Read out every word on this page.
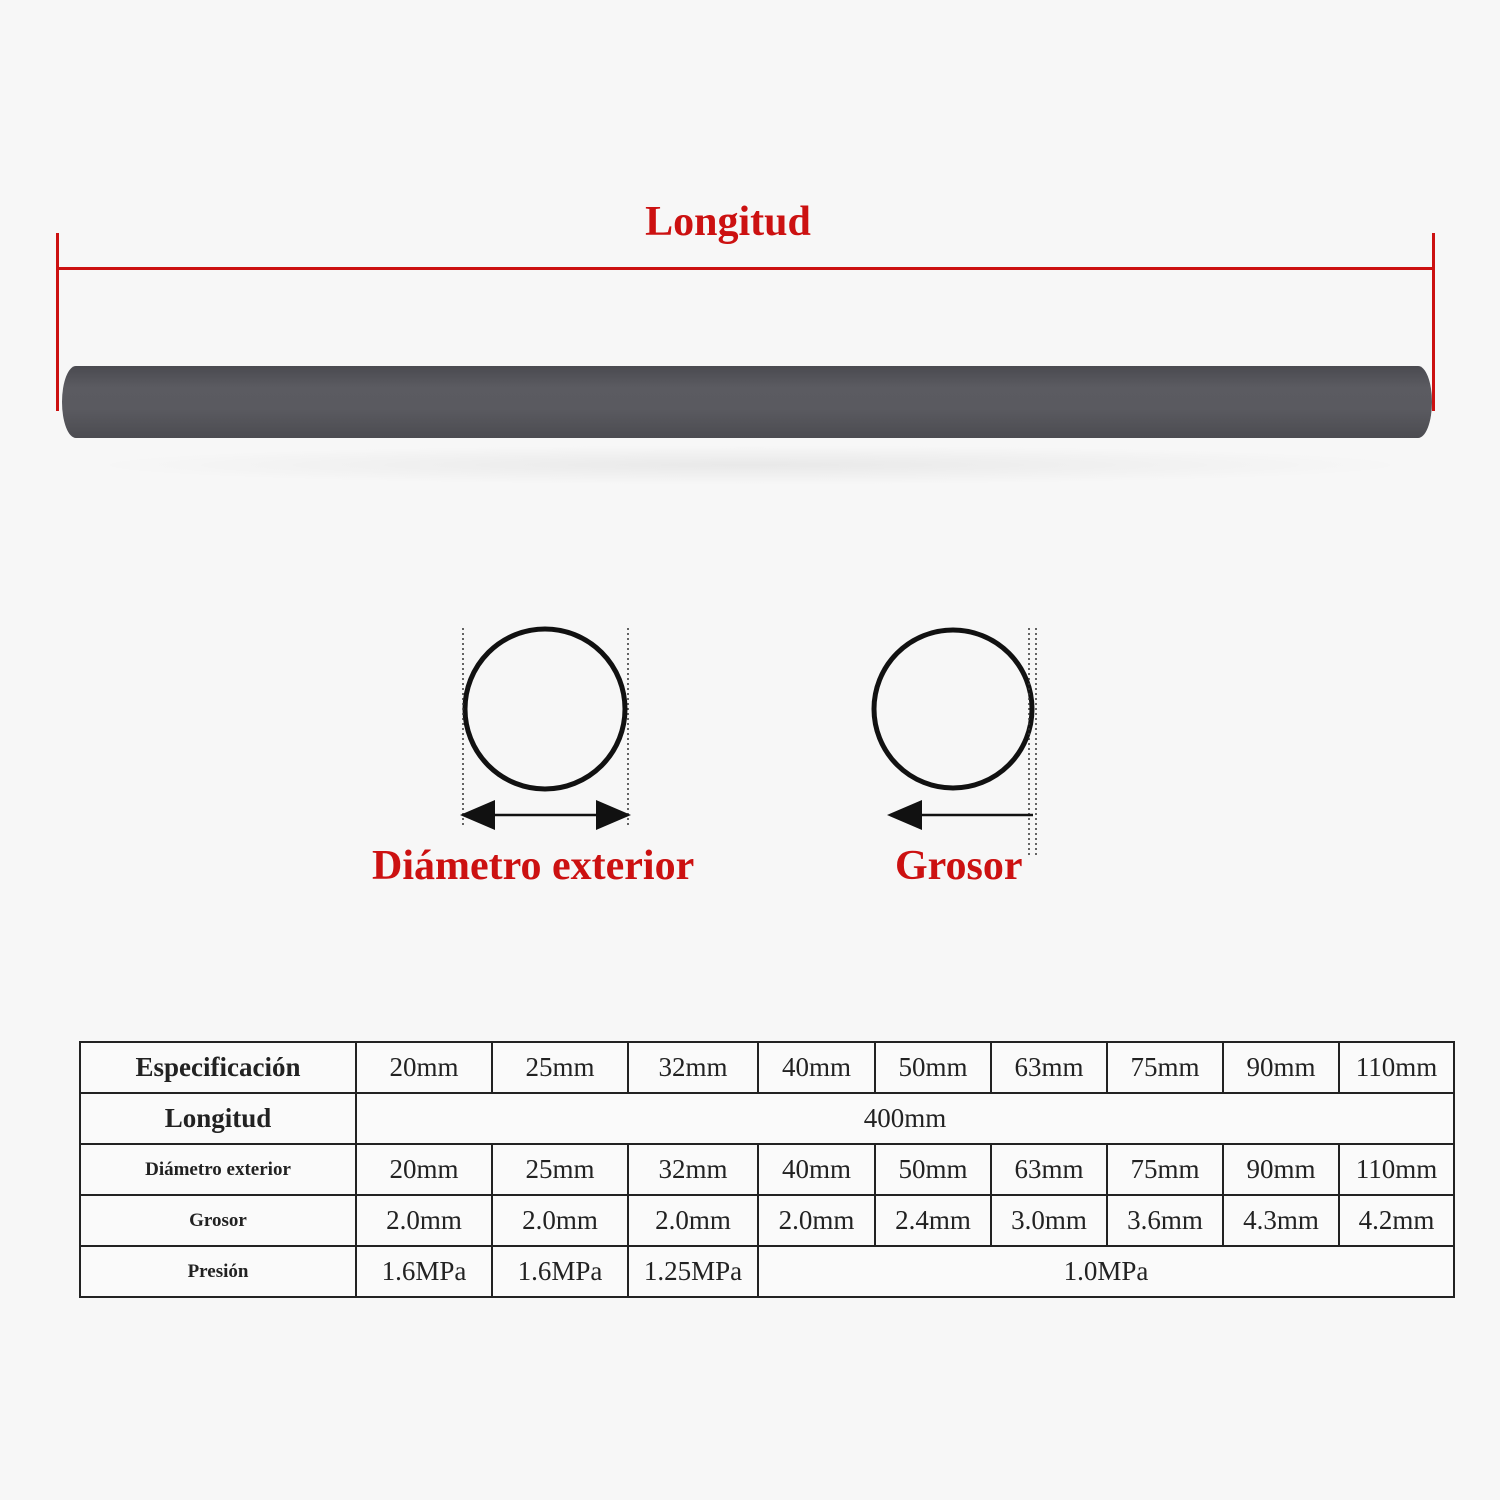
Longitud
Diámetro exterior	Grosor
Especificación	20mm	25mm	32mm	40mm	50mm	63mm	75mm	90mm	110mm
Longitud	400mm								
Diámetro exterior	20mm	25mm	32mm	40mm	50mm	63mm	75mm	90mm	110mm
Grosor	2.0mm	2.0mm	2.0mm	2.0mm	2.4mm	3.0mm	3.6mm	4.3mm	4.2mm
Presión	1.6MPa	1.6MPa	1.25MPa	1.0MPa					
